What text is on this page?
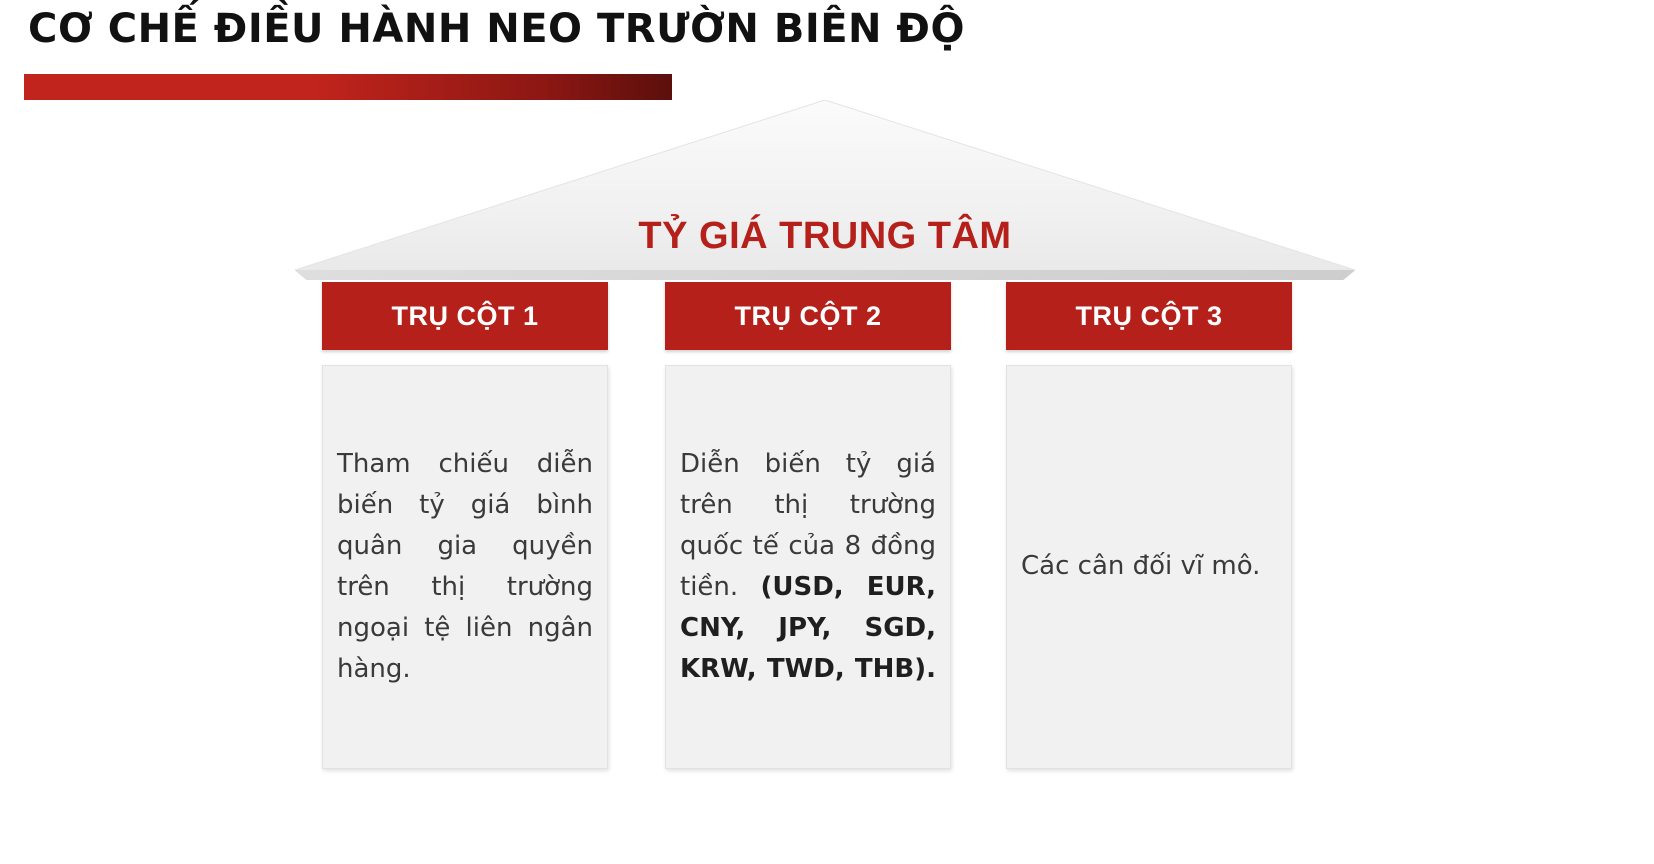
CƠ CHẾ ĐIỀU HÀNH NEO TRƯỜN BIÊN ĐỘ
TỶ GIÁ TRUNG TÂM
TRỤ CỘT 1
Tham chiếu diễn biến tỷ giá bình quân gia quyền trên thị trường ngoại tệ liên ngân hàng.
TRỤ CỘT 2
Diễn biến tỷ giá trên thị trường quốc tế của 8 đồng tiền. (USD, EUR, CNY, JPY, SGD, KRW, TWD, THB).
TRỤ CỘT 3
Các cân đối vĩ mô.
